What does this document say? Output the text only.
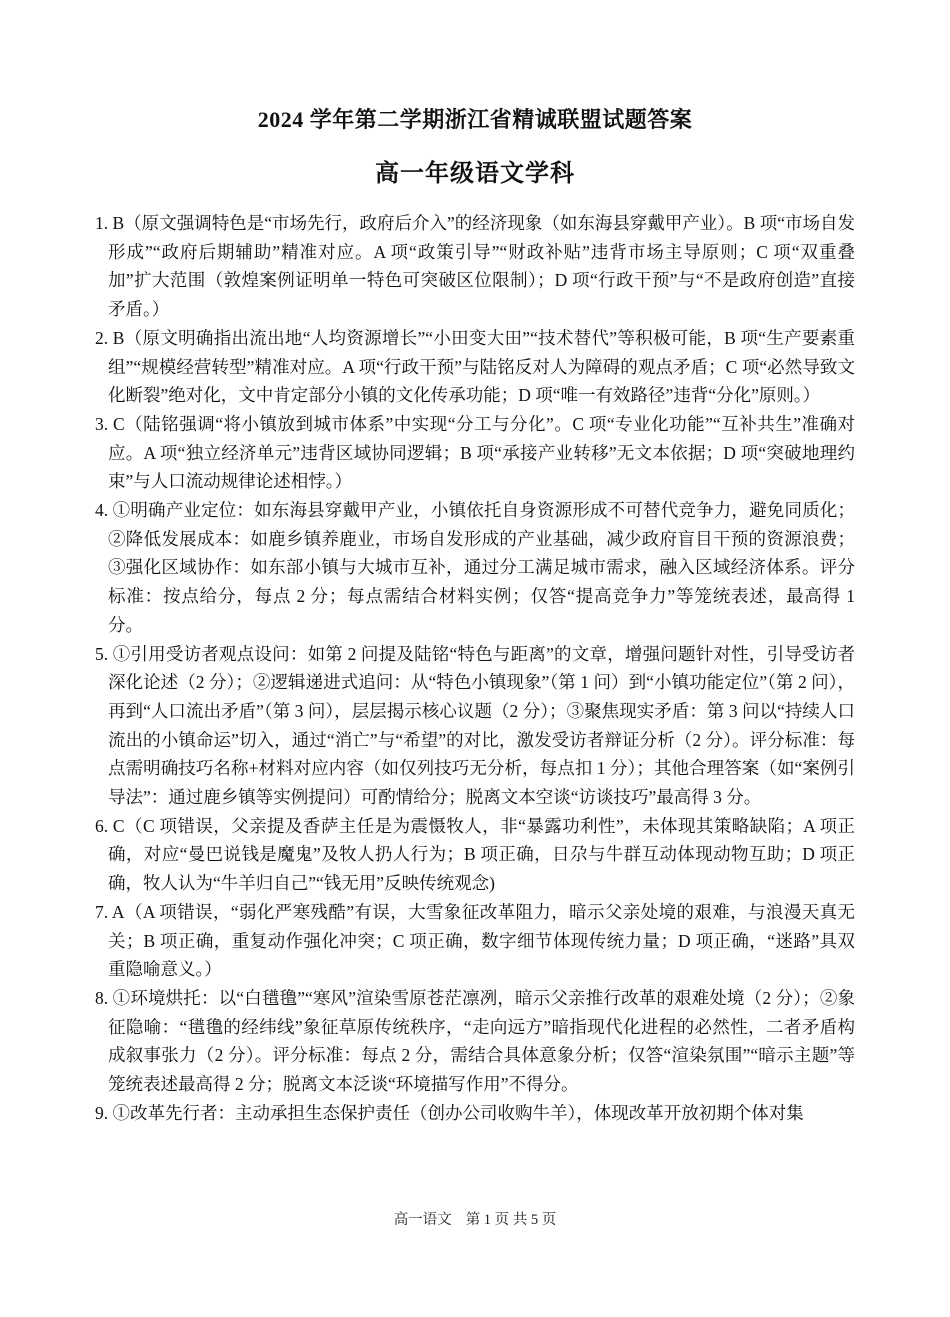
2024 学年第二学期浙江省精诚联盟试题答案
高一年级语文学科

1. B（原文强调特色是“市场先行，政府后介入”的经济现象（如东海县穿戴甲产业）。B 项“市场自发形成”“政府后期辅助”精准对应。A 项“政策引导”“财政补贴”违背市场主导原则；C 项“双重叠加”扩大范围（敦煌案例证明单一特色可突破区位限制）；D 项“行政干预”与“不是政府创造”直接矛盾。）

2. B（原文明确指出流出地“人均资源增长”“小田变大田”“技术替代”等积极可能，B 项“生产要素重组”“规模经营转型”精准对应。A 项“行政干预”与陆铭反对人为障碍的观点矛盾；C 项“必然导致文化断裂”绝对化，文中肯定部分小镇的文化传承功能；D 项“唯一有效路径”违背“分化”原则。）

3. C（陆铭强调“将小镇放到城市体系”中实现“分工与分化”。C 项“专业化功能”“互补共生”准确对应。A 项“独立经济单元”违背区域协同逻辑；B 项“承接产业转移”无文本依据；D 项“突破地理约束”与人口流动规律论述相悖。）

4. ①明确产业定位：如东海县穿戴甲产业，小镇依托自身资源形成不可替代竞争力，避免同质化；②降低发展成本：如鹿乡镇养鹿业，市场自发形成的产业基础，减少政府盲目干预的资源浪费；③强化区域协作：如东部小镇与大城市互补，通过分工满足城市需求，融入区域经济体系。评分标准：按点给分，每点 2 分；每点需结合材料实例；仅答“提高竞争力”等笼统表述，最高得 1 分。

5. ①引用受访者观点设问：如第 2 问提及陆铭“特色与距离”的文章，增强问题针对性，引导受访者深化论述（2 分）；②逻辑递进式追问：从“特色小镇现象”（第 1 问）到“小镇功能定位”（第 2 问），再到“人口流出矛盾”（第 3 问），层层揭示核心议题（2 分）；③聚焦现实矛盾：第 3 问以“持续人口流出的小镇命运”切入，通过“消亡”与“希望”的对比，激发受访者辩证分析（2 分）。评分标准：每点需明确技巧名称+材料对应内容（如仅列技巧无分析，每点扣 1 分）；其他合理答案（如“案例引导法”：通过鹿乡镇等实例提问）可酌情给分；脱离文本空谈“访谈技巧”最高得 3 分。

6. C（C 项错误，父亲提及香萨主任是为震慑牧人，非“暴露功利性”，未体现其策略缺陷；A 项正确，对应“曼巴说钱是魔鬼”及牧人扔人行为；B 项正确，日尕与牛群互动体现动物互助；D 项正确，牧人认为“牛羊归自己”“钱无用”反映传统观念)

7. A（A 项错误，“弱化严寒残酷”有误，大雪象征改革阻力，暗示父亲处境的艰难，与浪漫天真无关；B 项正确，重复动作强化冲突；C 项正确，数字细节体现传统力量；D 项正确，“迷路”具双重隐喻意义。）

8. ①环境烘托：以“白氆氇”“寒风”渲染雪原苍茫凛冽，暗示父亲推行改革的艰难处境（2 分）；②象征隐喻：“氆氇的经纬线”象征草原传统秩序，“走向远方”暗指现代化进程的必然性，二者矛盾构成叙事张力（2 分）。评分标准：每点 2 分，需结合具体意象分析；仅答“渲染氛围”“暗示主题”等笼统表述最高得 2 分；脱离文本泛谈“环境描写作用”不得分。

9. ①改革先行者：主动承担生态保护责任（创办公司收购牛羊），体现改革开放初期个体对集

高一语文 第 1 页 共 5 页
